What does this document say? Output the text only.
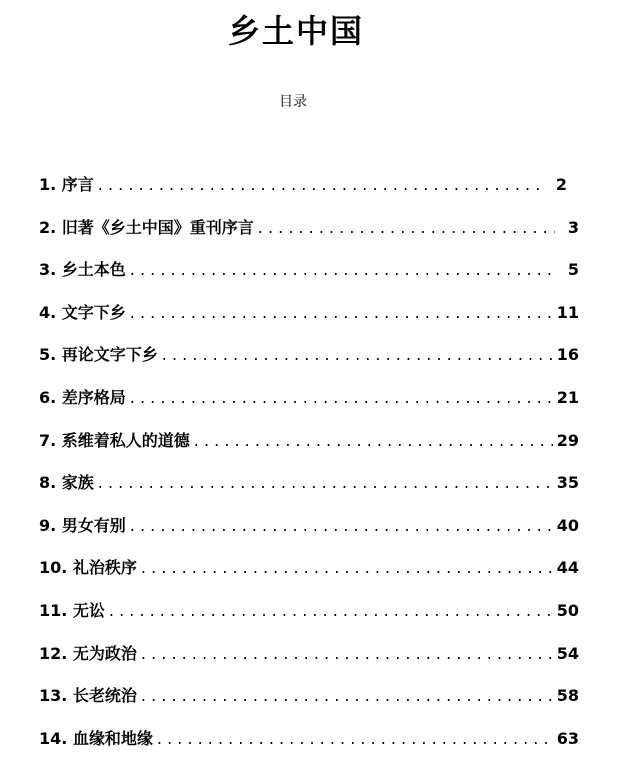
乡土中国
目录
1. 序言 . . .	2
2. 旧著《乡土中国》重刊序言 . . .	3
3. 乡土本色 . . .	5
4. 文字下乡 . . .	11
5. 再论文字下乡 . . .	16
6. 差序格局 . . .	21
7. 系维着私人的道德 . . .	29
8. 家族 . . .	35
9. 男女有别 . . .	40
10. 礼治秩序 . . .	44
11. 无讼 . . .	50
12. 无为政治 . . .	54
13. 长老统治 . . .	58
14. 血缘和地缘 . . .	63
